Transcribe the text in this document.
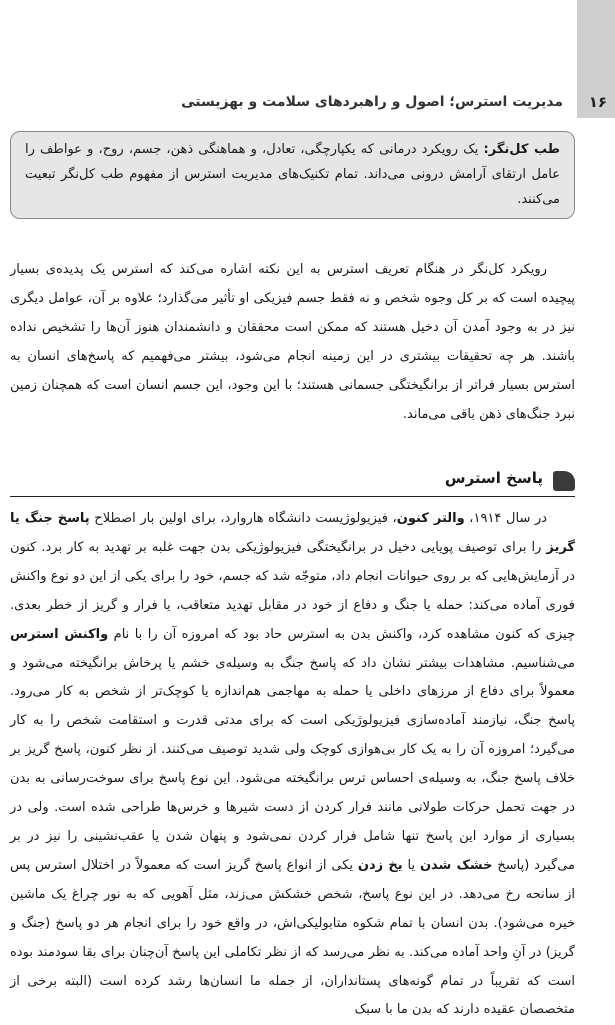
۱۶
مدیریت استرس؛ اصول و راهبردهای سلامت و بهزیستی
طب کل‌نگر: یک رویکرد درمانی که یکپارچگی، تعادل، و هماهنگی ذهن، جسم، روح، و عواطف را عامل ارتقای آرامش درونی می‌داند. تمام تکنیک‌های مدیریت استرس از مفهوم طب کل‌نگر تبعیت می‌کنند.

رویکرد کل‌نگر در هنگام تعریف استرس به این نکته اشاره می‌کند که استرس یک پدیده‌ی بسیار پیچیده است که بر کل وجوه شخص و نه فقط جسم فیزیکی او تأثیر می‌گذارد؛ علاوه بر آن، عوامل دیگری نیز در به وجود آمدن آن دخیل هستند که ممکن است محققان و دانشمندان هنوز آن‌ها را تشخیص نداده باشند. هر چه تحقیقات بیشتری در این زمینه انجام می‌شود، بیشتر می‌فهمیم که پاسخ‌های انسان به استرس بسیار فراتر از برانگیختگی جسمانی هستند؛ با این وجود، این جسم انسان است که همچنان زمین نبرد جنگ‌های ذهن باقی می‌ماند.

پاسخ استرس

در سال ۱۹۱۴، والتر کنون، فیزیولوژیست دانشگاه هاروارد، برای اولین بار اصطلاح پاسخ جنگ یا گریز را برای توصیف پویایی دخیل در برانگیختگی فیزیولوژیکی بدن جهت غلبه بر تهدید به کار برد. کنون در آزمایش‌هایی که بر روی حیوانات انجام داد، متوجّه شد که جسم، خود را برای یکی از این دو نوع واکنش فوری آماده می‌کند: حمله یا جنگ و دفاع از خود در مقابل تهدید متعاقب، یا فرار و گریز از خطر بعدی. چیزی که کنون مشاهده کرد، واکنش بدن به استرس حاد بود که امروزه آن را با نام واکنش استرس می‌شناسیم. مشاهدات بیشتر نشان داد که پاسخ جنگ به وسیله‌ی خشم یا پرخاش برانگیخته می‌شود و معمولاً برای دفاع از مرزهای داخلی یا حمله به مهاجمی هم‌اندازه یا کوچک‌تر از شخص به کار می‌رود. پاسخ جنگ، نیازمند آماده‌سازی فیزیولوژیکی است که برای مدتی قدرت و استقامت شخص را به کار می‌گیرد؛ امروزه آن را به یک کار بی‌هوازی کوچک ولی شدید توصیف می‌کنند. از نظر کنون، پاسخ گریز بر خلاف پاسخ جنگ، به وسیله‌ی احساس ترس برانگیخته می‌شود. این نوع پاسخ برای سوخت‌رسانی به بدن در جهت تحمل حرکات طولانی مانند فرار کردن از دست شیرها و خرس‌ها طراحی شده است. ولی در بسیاری از موارد این پاسخ تنها شامل فرار کردن نمی‌شود و پنهان شدن یا عقب‌نشینی را نیز در بر می‌گیرد (پاسخ خشک شدن یا یخ زدن یکی از انواع پاسخ گریز است که معمولاً در اختلال استرس پس از سانحه رخ می‌دهد. در این نوع پاسخ، شخص خشکش می‌زند، مثل آهویی که به نور چراغ یک ماشین خیره می‌شود). بدن انسان با تمام شکوه متابولیکی‌اش، در واقع خود را برای انجام هر دو پاسخ (جنگ و گریز) در آنِ واحد آماده می‌کند. به نظر می‌رسد که از نظر تکاملی این پاسخ آن‌چنان برای بقا سودمند بوده است که تقریباً در تمام گونه‌های پستانداران، از جمله ما انسان‌ها رشد کرده است (البته برخی از متخصصان عقیده دارند که بدن ما با سبک
